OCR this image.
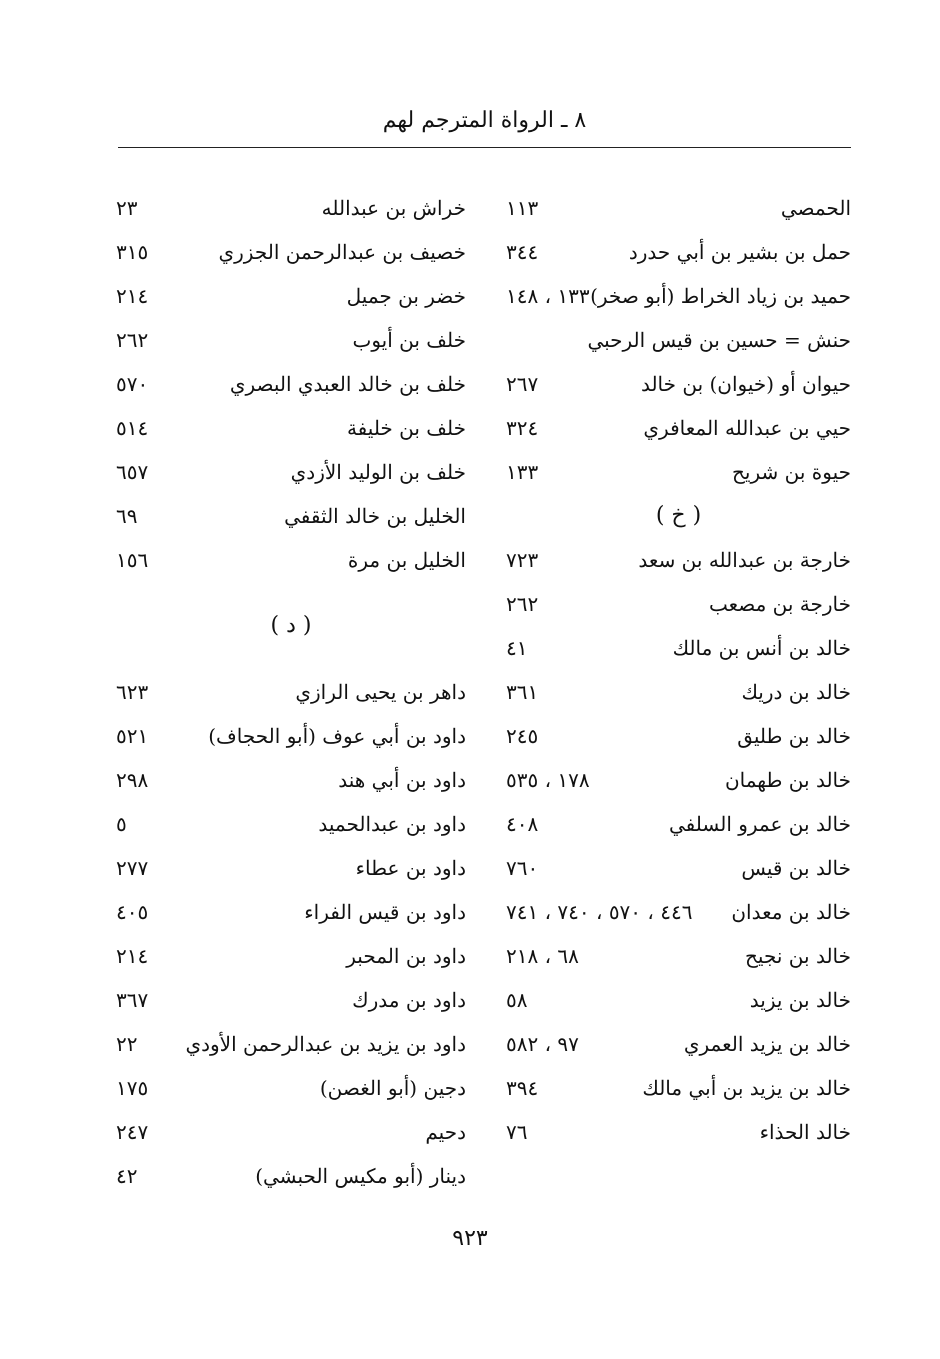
٨ ـ الرواة المترجم لهم
الحمصي
١١٣
حمل بن بشير بن أبي حدرد
٣٤٤
حميد بن زياد الخراط (أبو صخر)
١٣٣ ، ١٤٨
حنش = حسين بن قيس الرحبي
حيوان أو (خيوان) بن خالد
٢٦٧
حيي بن عبدالله المعافري
٣٢٤
حيوة بن شريح
١٣٣
( خ )
خارجة بن عبدالله بن سعد
٧٢٣
خارجة بن مصعب
٢٦٢
خالد بن أنس بن مالك
٤١
خالد بن دريك
٣٦١
خالد بن طليق
٢٤٥
خالد بن طهمان
١٧٨ ، ٥٣٥
خالد بن عمرو السلفي
٤٠٨
خالد بن قيس
٧٦٠
خالد بن معدان
٤٤٦ ، ٥٧٠ ، ٧٤٠ ، ٧٤١
خالد بن نجيح
٦٨ ، ٢١٨
خالد بن يزيد
٥٨
خالد بن يزيد العمري
٩٧ ، ٥٨٢
خالد بن يزيد بن أبي مالك
٣٩٤
خالد الحذاء
٧٦
خراش بن عبدالله
٢٣
خصيف بن عبدالرحمن الجزري
٣١٥
خضر بن جميل
٢١٤
خلف بن أيوب
٢٦٢
خلف بن خالد العبدي البصري
٥٧٠
خلف بن خليفة
٥١٤
خلف بن الوليد الأزدي
٦٥٧
الخليل بن خالد الثقفي
٦٩
الخليل بن مرة
١٥٦
( د )
داهر بن يحيى الرازي
٦٢٣
داود بن أبي عوف (أبو الحجاف)
٥٢١
داود بن أبي هند
٢٩٨
داود بن عبدالحميد
٥
داود بن عطاء
٢٧٧
داود بن قيس الفراء
٤٠٥
داود بن المحبر
٢١٤
داود بن مدرك
٣٦٧
داود بن يزيد بن عبدالرحمن الأودي
٢٢
دجين (أبو الغصن)
١٧٥
دحيم
٢٤٧
دينار (أبو مكيس الحبشي)
٤٢
٩٢٣
